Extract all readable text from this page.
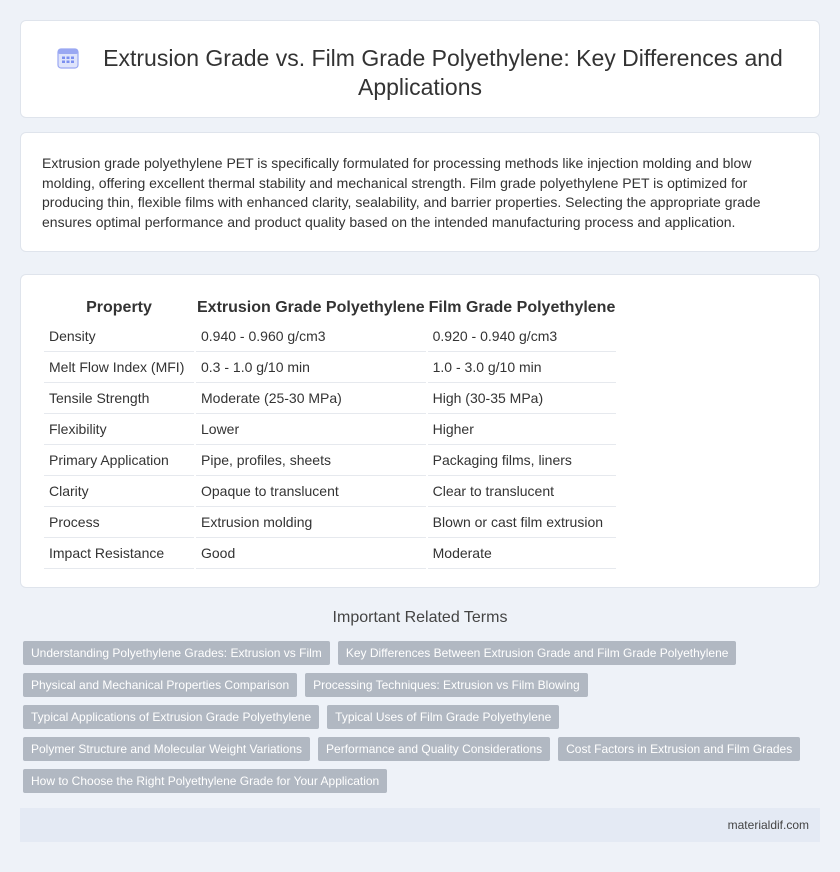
Extrusion Grade vs. Film Grade Polyethylene: Key Differences and Applications

Extrusion grade polyethylene PET is specifically formulated for processing methods like injection molding and blow molding, offering excellent thermal stability and mechanical strength. Film grade polyethylene PET is optimized for producing thin, flexible films with enhanced clarity, sealability, and barrier properties. Selecting the appropriate grade ensures optimal performance and product quality based on the intended manufacturing process and application.

Property	Extrusion Grade Polyethylene	Film Grade Polyethylene
Density	0.940 - 0.960 g/cm3	0.920 - 0.940 g/cm3
Melt Flow Index (MFI)	0.3 - 1.0 g/10 min	1.0 - 3.0 g/10 min
Tensile Strength	Moderate (25-30 MPa)	High (30-35 MPa)
Flexibility	Lower	Higher
Primary Application	Pipe, profiles, sheets	Packaging films, liners
Clarity	Opaque to translucent	Clear to translucent
Process	Extrusion molding	Blown or cast film extrusion
Impact Resistance	Good	Moderate
Important Related Terms
Understanding Polyethylene Grades: Extrusion vs Film	Key Differences Between Extrusion Grade and Film Grade Polyethylene
Physical and Mechanical Properties Comparison	Processing Techniques: Extrusion vs Film Blowing
Typical Applications of Extrusion Grade Polyethylene	Typical Uses of Film Grade Polyethylene
Polymer Structure and Molecular Weight Variations	Performance and Quality Considerations	Cost Factors in Extrusion and Film Grades
How to Choose the Right Polyethylene Grade for Your Application
materialdif.com
